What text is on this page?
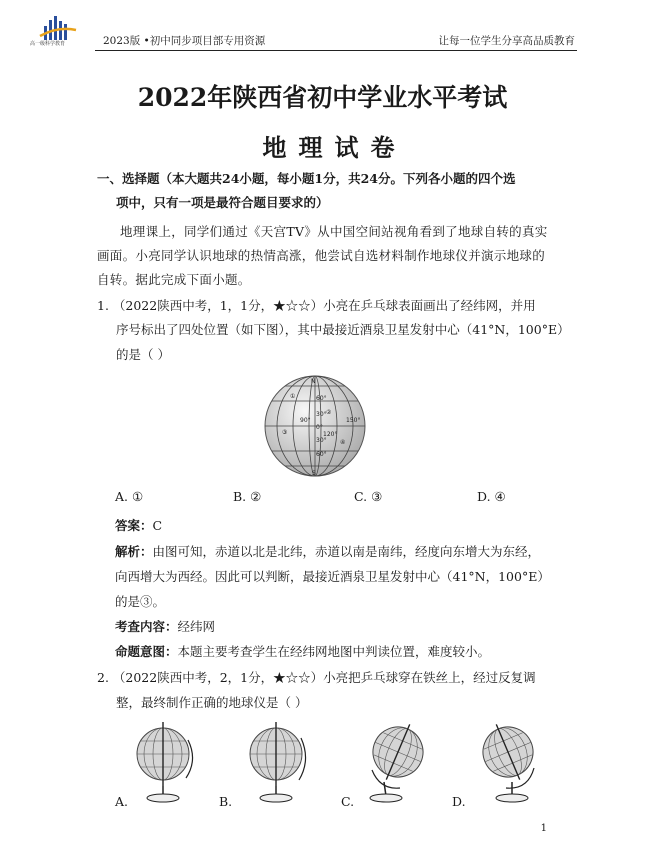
高一级科学教育	2023版 •初中同步项目部专用资源	让每一位学生分享高品质教育
2022年陕西省初中学业水平考试
地理试卷
一、选择题（本大题共24小题，每小题1分，共24分。下列各小题的四个选
项中，只有一项是最符合题目要求的）
地理课上，同学们通过《天宫TV》从中国空间站视角看到了地球自转的真实
画面。小亮同学认识地球的热情高涨，他尝试自选材料制作地球仪并演示地球的
自转。据此完成下面小题。
1. （2022陕西中考，1，1分，★☆☆）小亮在乒乓球表面画出了经纬网，并用
序号标出了四处位置（如下图），其中最接近酒泉卫星发射中心（41°N，100°E）
的是（ ）
N
S
①
②
③
④
60°
30°
0°
30°
60°
90°
120°
150°
A. ①	B. ②	C. ③	D. ④
答案：C
解析：由图可知，赤道以北是北纬，赤道以南是南纬，经度向东增大为东经，
向西增大为西经。因此可以判断，最接近酒泉卫星发射中心（41°N，100°E）
的是③。
考查内容：经纬网
命题意图：本题主要考查学生在经纬网地图中判读位置，难度较小。
2. （2022陕西中考，2，1分，★☆☆）小亮把乒乓球穿在铁丝上，经过反复调
整，最终制作正确的地球仪是（ ）
A.	B.	C.	D.
1
